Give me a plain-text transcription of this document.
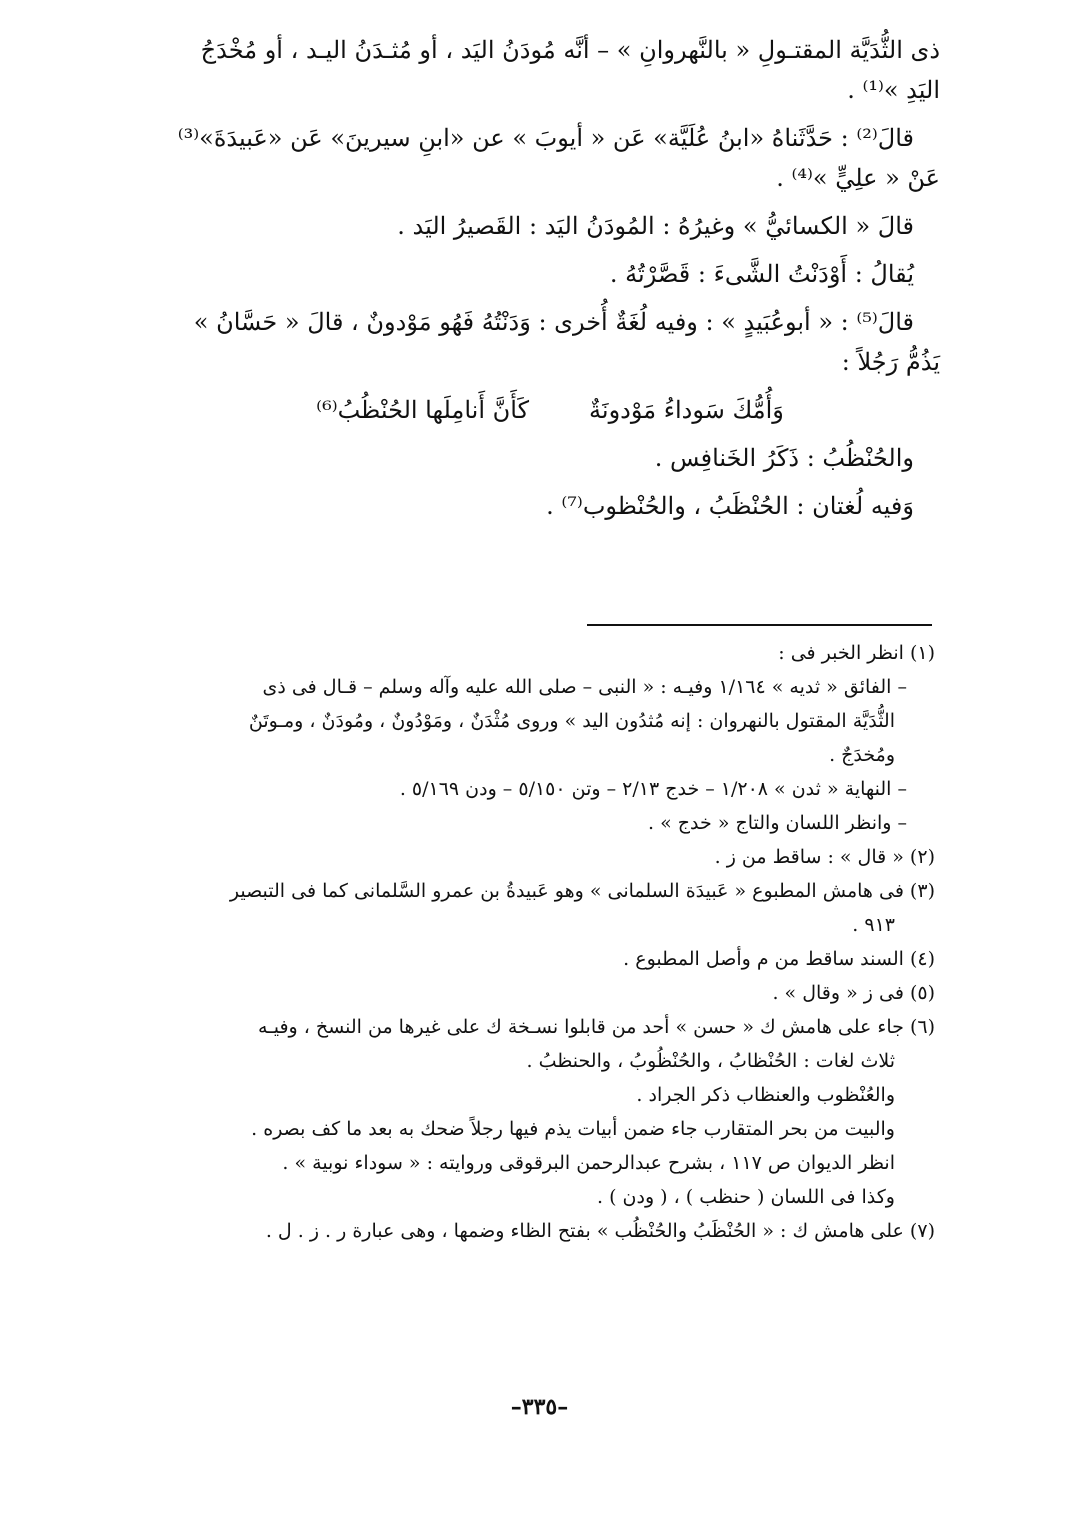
ذى الثُّدَيَّة المقتـولِ « بالنَّهروانِ » – أنَّه مُودَنُ اليَد ، أو مُثـدَنُ اليـد ، أو مُخْدَجُ

اليَدِ »⁽¹⁾ .

قالَ⁽²⁾ : حَدَّثَناهُ «ابنُ عُلَيَّة» عَن « أيوبَ » عن «ابنِ سيرينَ» عَن «عَبيدَةَ»⁽³⁾

عَنْ « علِيٍّ »⁽⁴⁾ .

قالَ « الكسائيُّ » وغيرُهُ : المُودَنُ اليَد : القَصيرُ اليَد .

يُقالُ : أَوْدَنْتُ الشَّىءَ : قَصَّرْتُهُ .

قالَ⁽⁵⁾ : « أبوعُبَيدٍ » : وفيه لُغَةٌ أُخرى : وَدَنْتُهُ فَهُو مَوْدونٌ ، قالَ « حَسَّانُ »

يَذُمُّ رَجُلاً :

وَأُمُّكَ سَوداءُ مَوْدونَةٌ
كَأَنَّ أَنامِلَها الحُنْظُبُ⁽⁶⁾

والحُنْظُبُ : ذَكَرُ الخَنافِس .

وَفيه لُغتان : الحُنْظَبُ ، والحُنْظوب⁽⁷⁾ .

(١) انظر الخبر فى :

– الفائق « ثديه » ١/١٦٤ وفيـه : « النبى – صلى الله عليه وآله وسلم – قـال فى ذى

الثُّدَيَّة المقتول بالنهروان : إنه مُثدُون اليد » وروى مُثْدَنٌ ، ومَوْدُونٌ ، ومُودَنٌ ، ومـوتَنٌ

ومُخدَجٌ .

– النهاية « ثدن » ١/٢٠٨ – خدج ٢/١٣ – وتن ٥/١٥٠ – ودن ٥/١٦٩ .

– وانظر اللسان والتاج « خدج » .

(٢) « قال » : ساقط من ز .

(٣) فى هامش المطبوع « عَبيدَة السلمانى » وهو عَبيدةُ بن عمرو السَّلمانى كما فى التبصير

٩١٣ .

(٤) السند ساقط من م وأصل المطبوع .

(٥) فى ز « وقال » .

(٦) جاء على هامش ك « حسن » أحد من قابلوا نسـخة ك على غيرها من النسخ ، وفيـه

ثلاث لغات : الحُنْظابُ ، والحُنْظُوبُ ، والحنظبُ .

والعُنْظوب والعنظاب ذكر الجراد .

والبيت من بحر المتقارب جاء ضمن أبيات يذم فيها رجلاً ضحك به بعد ما كف بصره .

انظر الديوان ص ١١٧ ، بشرح عبدالرحمن البرقوقى وروايته : « سوداء نوبية » .

وكذا فى اللسان ( حنظب ) ، ( ودن ) .

(٧) على هامش ك : « الحُنْظَبُ والحُنْظُب » بفتح الظاء وضمها ، وهى عبارة ر . ز . ل .

–٣٣٥–
